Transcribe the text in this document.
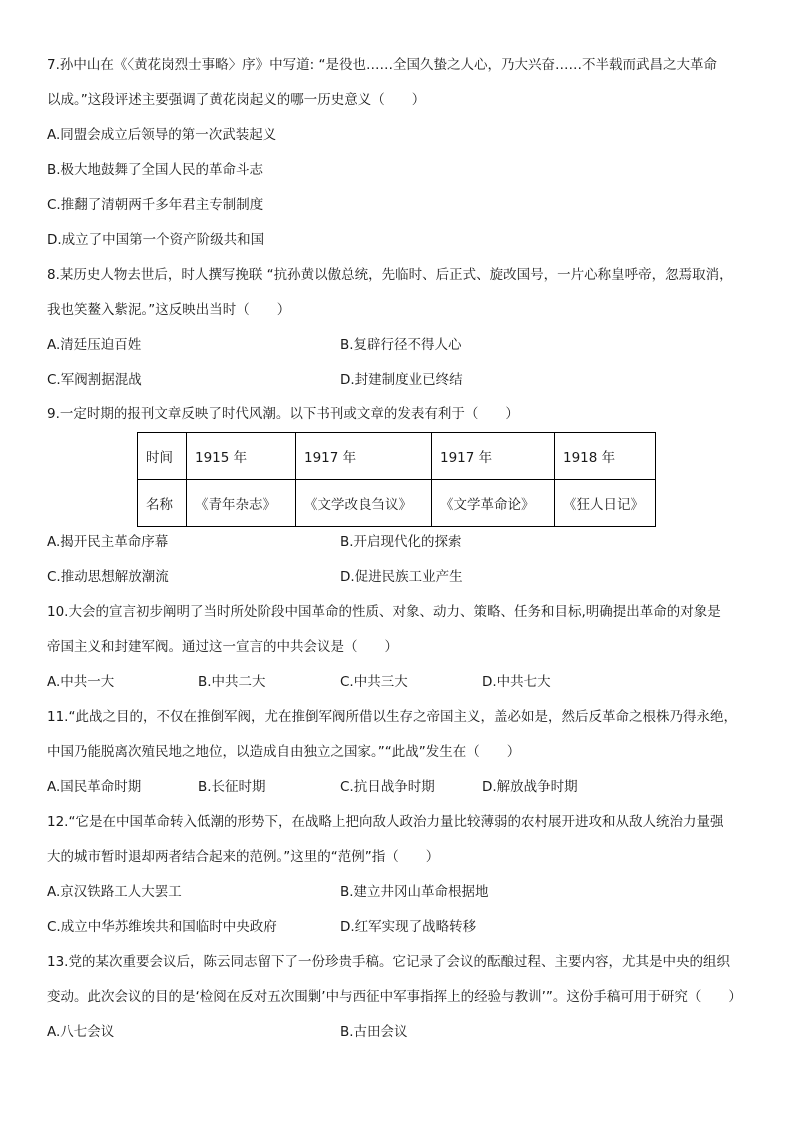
7.孙中山在《〈黄花岗烈士事略〉序》中写道: “是役也……全国久蛰之人心，乃大兴奋……不半载而武昌之大革命
以成。”这段评述主要强调了黄花岗起义的哪一历史意义（　　）
A.同盟会成立后领导的第一次武装起义
B.极大地鼓舞了全国人民的革命斗志
C.推翻了清朝两千多年君主专制制度
D.成立了中国第一个资产阶级共和国
8.某历史人物去世后，时人撰写挽联 “抗孙黄以傲总统，先临时、后正式、旋改国号，一片心称皇呼帝，忽焉取消，
我也笑鳌入紫泥。”这反映出当时（　　）
A.清廷压迫百姓	B.复辟行径不得人心
C.军阀割据混战	D.封建制度业已终结
9.一定时期的报刊文章反映了时代风潮。以下书刊或文章的发表有利于（　　）
时间	1915 年	1917 年	1917 年	1918 年
名称	《青年杂志》	《文学改良刍议》	《文学革命论》	《狂人日记》
A.揭开民主革命序幕	B.开启现代化的探索
C.推动思想解放潮流	D.促进民族工业产生
10.大会的宣言初步阐明了当时所处阶段中国革命的性质、对象、动力、策略、任务和目标,明确提出革命的对象是
帝国主义和封建军阀。通过这一宣言的中共会议是（　　）
A.中共一大	B.中共二大	C.中共三大	D.中共七大
11.“此战之目的，不仅在推倒军阀，尤在推倒军阀所借以生存之帝国主义，盖必如是，然后反革命之根株乃得永绝，
中国乃能脱离次殖民地之地位，以造成自由独立之国家。”“此战”发生在（　　）
A.国民革命时期	B.长征时期	C.抗日战争时期	D.解放战争时期
12.“它是在中国革命转入低潮的形势下，在战略上把向敌人政治力量比较薄弱的农村展开进攻和从敌人统治力量强
大的城市暂时退却两者结合起来的范例。”这里的“范例”指（　　）
A.京汉铁路工人大罢工	B.建立井冈山革命根据地
C.成立中华苏维埃共和国临时中央政府	D.红军实现了战略转移
13.党的某次重要会议后，陈云同志留下了一份珍贵手稿。它记录了会议的酝酿过程、主要内容，尤其是中央的组织
变动。此次会议的目的是‘检阅在反对五次围剿’中与西征中军事指挥上的经验与教训’”。这份手稿可用于研究（　　）
A.八七会议	B.古田会议
